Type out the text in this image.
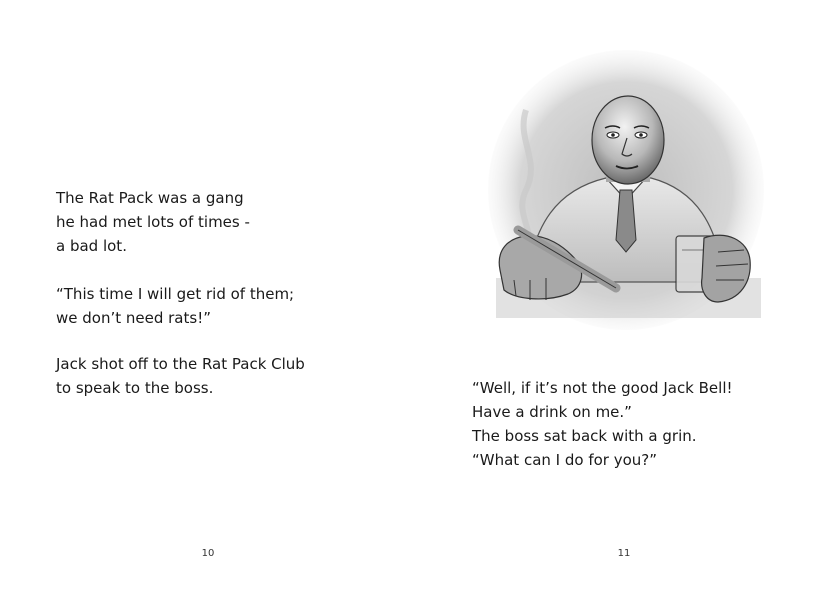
The Rat Pack was a gang
he had met lots of times -
a bad lot.
“This time I will get rid of them;
we don’t need rats!”
Jack shot off to the Rat Pack Club
to speak to the boss.
10
“Well, if it’s not the good Jack Bell!
Have a drink on me.”
The boss sat back with a grin.
“What can I do for you?”
11
